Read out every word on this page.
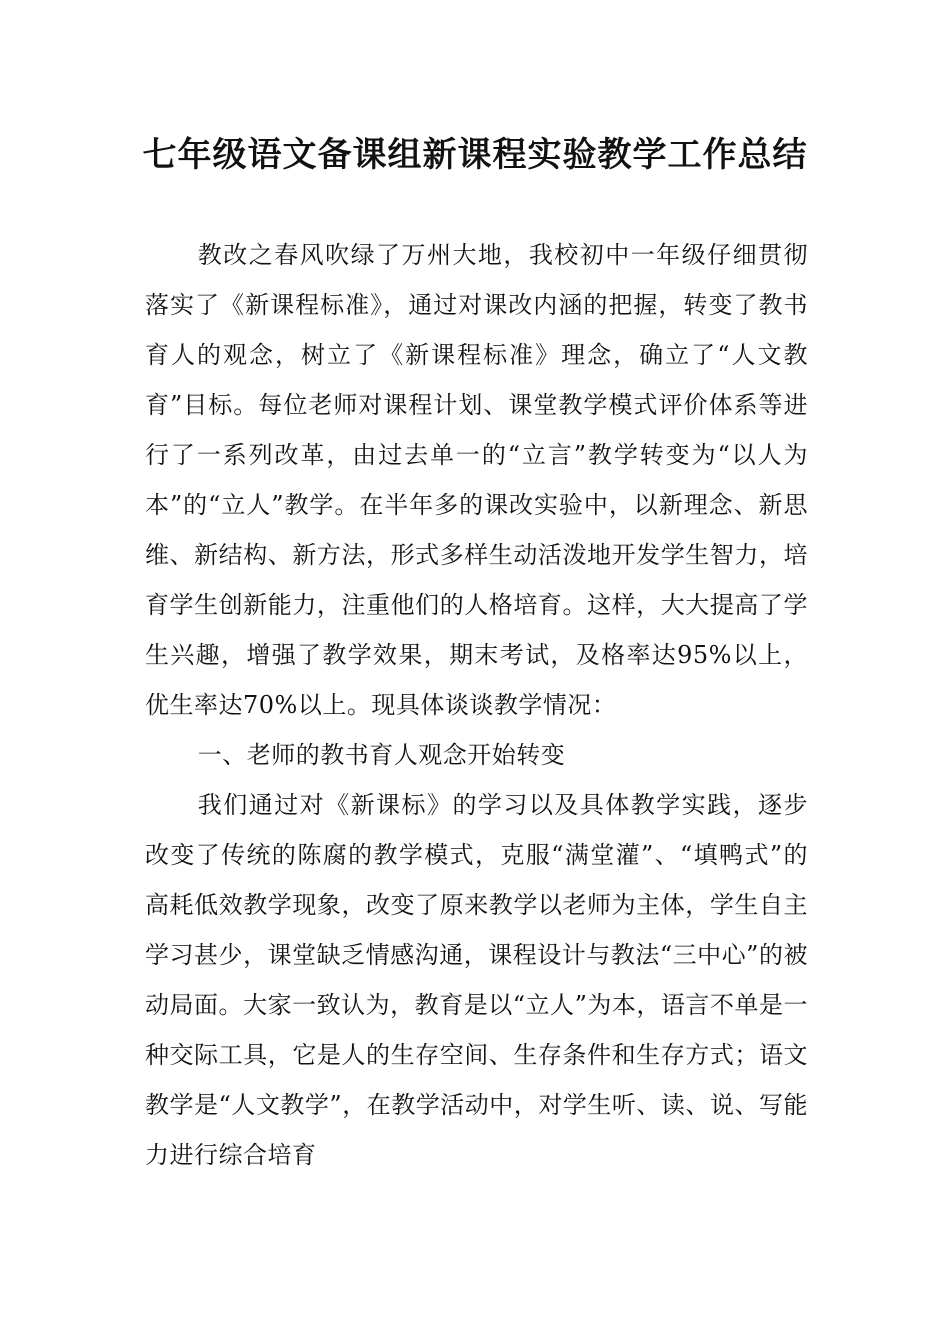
七年级语文备课组新课程实验教学工作总结

教改之春风吹绿了万州大地，我校初中一年级仔细贯彻落实了《新课程标准》，通过对课改内涵的把握，转变了教书育人的观念，树立了《新课程标准》理念，确立了“人文教育”目标。每位老师对课程计划、课堂教学模式评价体系等进行了一系列改革，由过去单一的“立言”教学转变为“以人为本”的“立人”教学。在半年多的课改实验中，以新理念、新思维、新结构、新方法，形式多样生动活泼地开发学生智力，培育学生创新能力，注重他们的人格培育。这样，大大提高了学生兴趣，增强了教学效果，期末考试，及格率达95%以上，优生率达70%以上。现具体谈谈教学情况：

一、老师的教书育人观念开始转变

我们通过对《新课标》的学习以及具体教学实践，逐步改变了传统的陈腐的教学模式，克服“满堂灌”、“填鸭式”的高耗低效教学现象，改变了原来教学以老师为主体，学生自主学习甚少，课堂缺乏情感沟通，课程设计与教法“三中心”的被动局面。大家一致认为，教育是以“立人”为本，语言不单是一种交际工具，它是人的生存空间、生存条件和生存方式；语文教学是“人文教学”，在教学活动中，对学生听、读、说、写能力进行综合培育
